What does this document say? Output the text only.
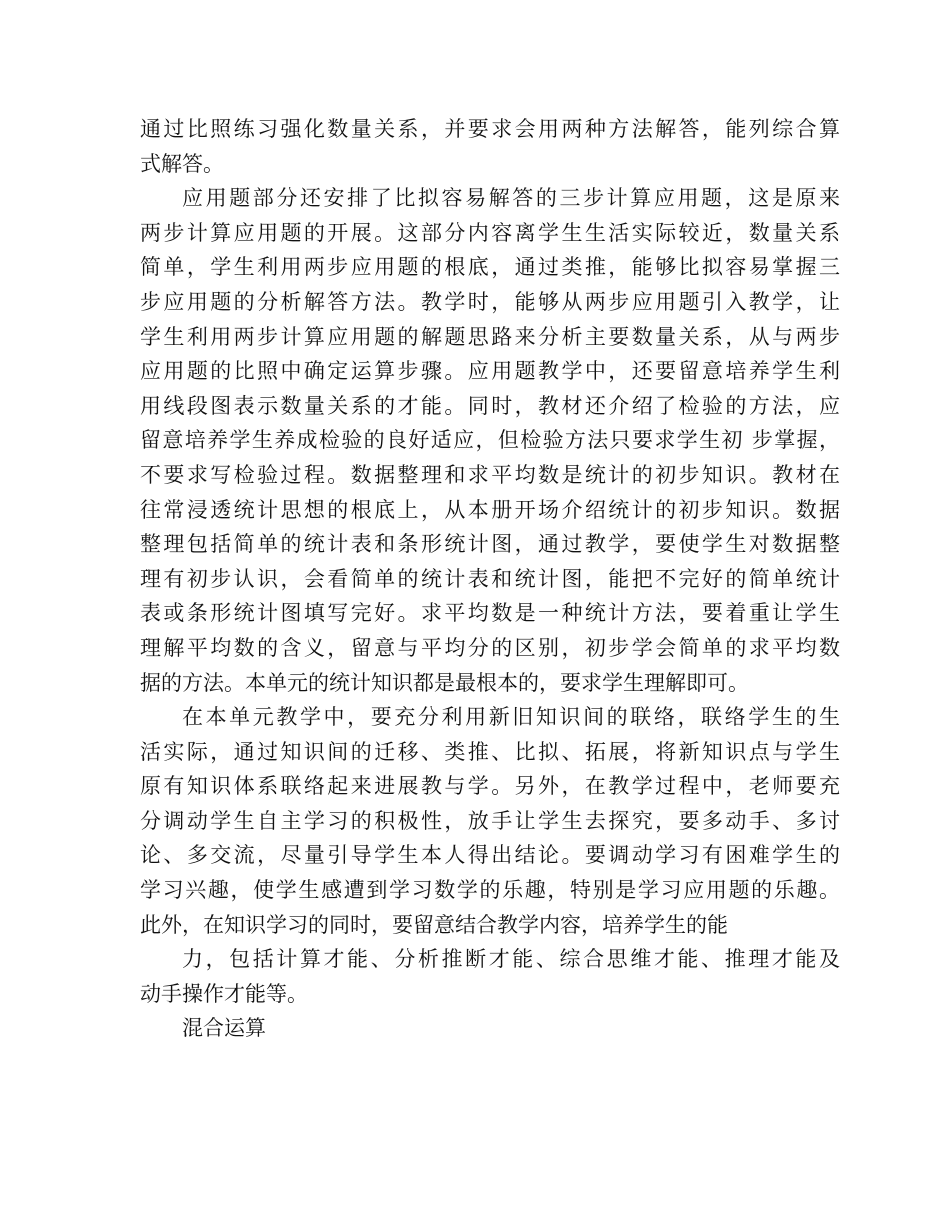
通过比照练习强化数量关系，并要求会用两种方法解答，能列综合算
式解答。
应用题部分还安排了比拟容易解答的三步计算应用题，这是原来
两步计算应用题的开展。这部分内容离学生生活实际较近，数量关系
简单，学生利用两步应用题的根底，通过类推，能够比拟容易掌握三
步应用题的分析解答方法。教学时，能够从两步应用题引入教学，让
学生利用两步计算应用题的解题思路来分析主要数量关系，从与两步
应用题的比照中确定运算步骤。应用题教学中，还要留意培养学生利
用线段图表示数量关系的才能。同时，教材还介绍了检验的方法，应
留意培养学生养成检验的良好适应，但检验方法只要求学生初 步掌握，
不要求写检验过程。数据整理和求平均数是统计的初步知识。教材在
往常浸透统计思想的根底上，从本册开场介绍统计的初步知识。数据
整理包括简单的统计表和条形统计图，通过教学，要使学生对数据整
理有初步认识，会看简单的统计表和统计图，能把不完好的简单统计
表或条形统计图填写完好。求平均数是一种统计方法，要着重让学生
理解平均数的含义，留意与平均分的区别，初步学会简单的求平均数
据的方法。本单元的统计知识都是最根本的，要求学生理解即可。
在本单元教学中，要充分利用新旧知识间的联络，联络学生的生
活实际，通过知识间的迁移、类推、比拟、拓展，将新知识点与学生
原有知识体系联络起来进展教与学。另外，在教学过程中，老师要充
分调动学生自主学习的积极性，放手让学生去探究，要多动手、多讨
论、多交流，尽量引导学生本人得出结论。要调动学习有困难学生的
学习兴趣，使学生感遭到学习数学的乐趣，特别是学习应用题的乐趣。
此外，在知识学习的同时，要留意结合教学内容，培养学生的能
力，包括计算才能、分析推断才能、综合思维才能、推理才能及
动手操作才能等。
混合运算
